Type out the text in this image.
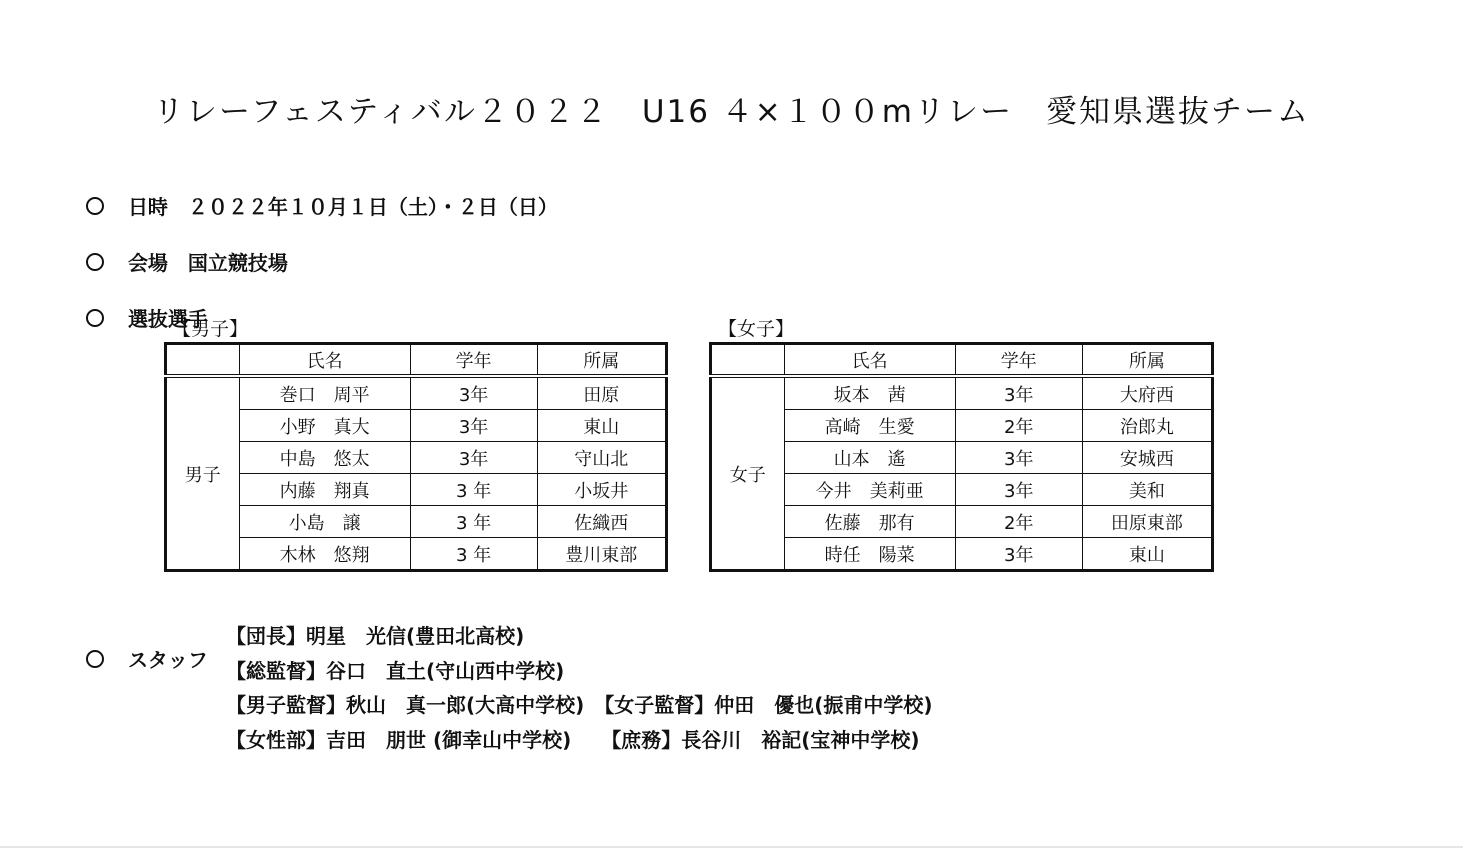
リレーフェスティバル２０２２　U16 ４×１００mリレー　愛知県選抜チーム

日時　２０２２年１０月１日（土）・２日（日）

会場　国立競技場

選抜選手

【男子】	【女子】
	氏名	学年	所属
男子	巻口　周平	3年	田原
	小野　真大	3年	東山
	中島　悠太	3年	守山北
	内藤　翔真	3 年	小坂井
	小島　譲	3 年	佐織西
	木林　悠翔	3 年	豊川東部
	氏名	学年	所属
女子	坂本　茜	3年	大府西
	高崎　生愛	2年	治郎丸
	山本　遙	3年	安城西
	今井　美莉亜	3年	美和
	佐藤　那有	2年	田原東部
	時任　陽菜	3年	東山

スタッフ

【団長】明星　光信(豊田北高校)
【総監督】谷口　直土(守山西中学校)
【男子監督】秋山　真一郎(大高中学校)　【女子監督】仲田　優也(振甫中学校)
【女性部】吉田　朋世 (御幸山中学校)　　【庶務】長谷川　裕記(宝神中学校)
